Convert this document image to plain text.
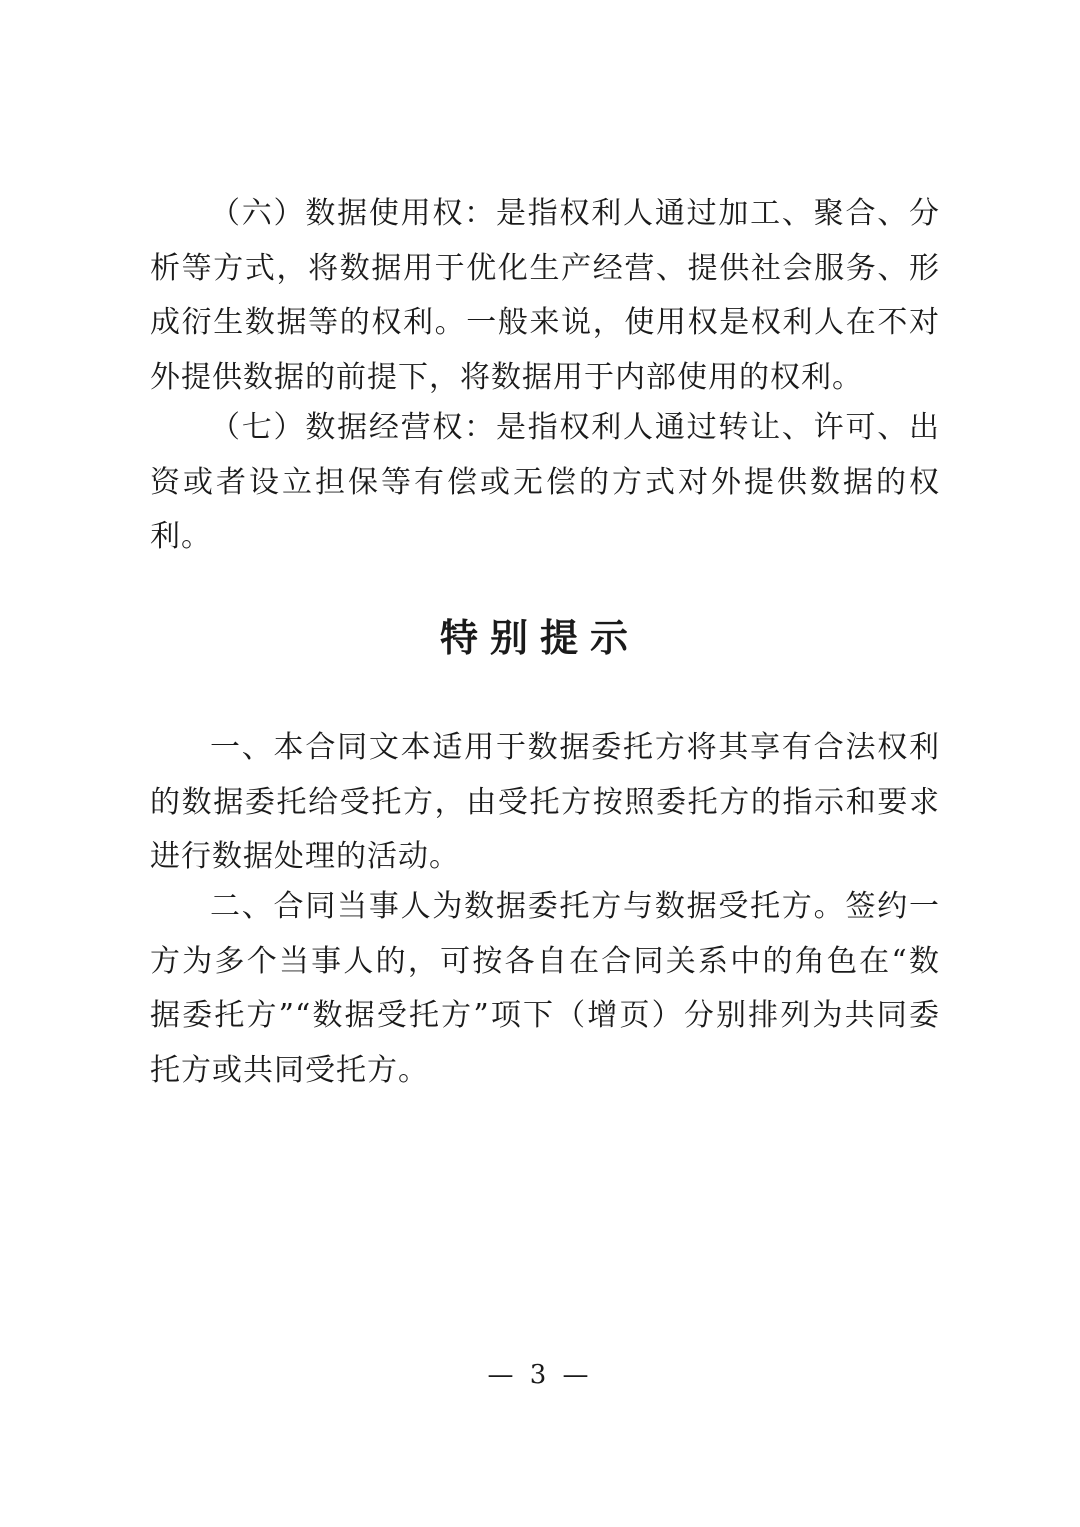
（六）数据使用权：是指权利人通过加工、聚合、分析等方式，将数据用于优化生产经营、提供社会服务、形成衍生数据等的权利。一般来说，使用权是权利人在不对外提供数据的前提下，将数据用于内部使用的权利。

（七）数据经营权：是指权利人通过转让、许可、出资或者设立担保等有偿或无偿的方式对外提供数据的权利。

特别提示

一、本合同文本适用于数据委托方将其享有合法权利的数据委托给受托方，由受托方按照委托方的指示和要求进行数据处理的活动。

二、合同当事人为数据委托方与数据受托方。签约一方为多个当事人的，可按各自在合同关系中的角色在“数据委托方”“数据受托方”项下（增页）分别排列为共同委托方或共同受托方。

— 3 —
